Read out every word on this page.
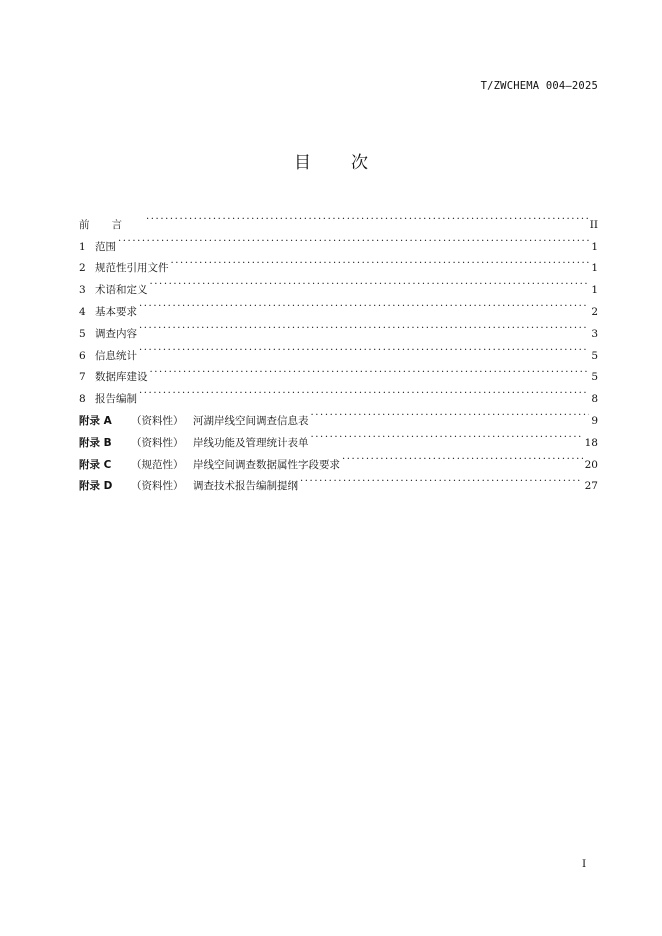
T/ZWCHEMA 004—2025
目 次
前言 .....	II
1 范围 .....	1
2 规范性引用文件 .....	1
3 术语和定义 .....	1
4 基本要求 .....	2
5 调查内容 .....	3
6 信息统计 .....	5
7 数据库建设 .....	5
8 报告编制 .....	8
附录 A	（资料性） 河湖岸线空间调查信息表 .....	9
附录 B	（资料性） 岸线功能及管理统计表单 .....	18
附录 C	（规范性） 岸线空间调查数据属性字段要求 .....	20
附录 D	（资料性） 调查技术报告编制提纲 .....	27
I
